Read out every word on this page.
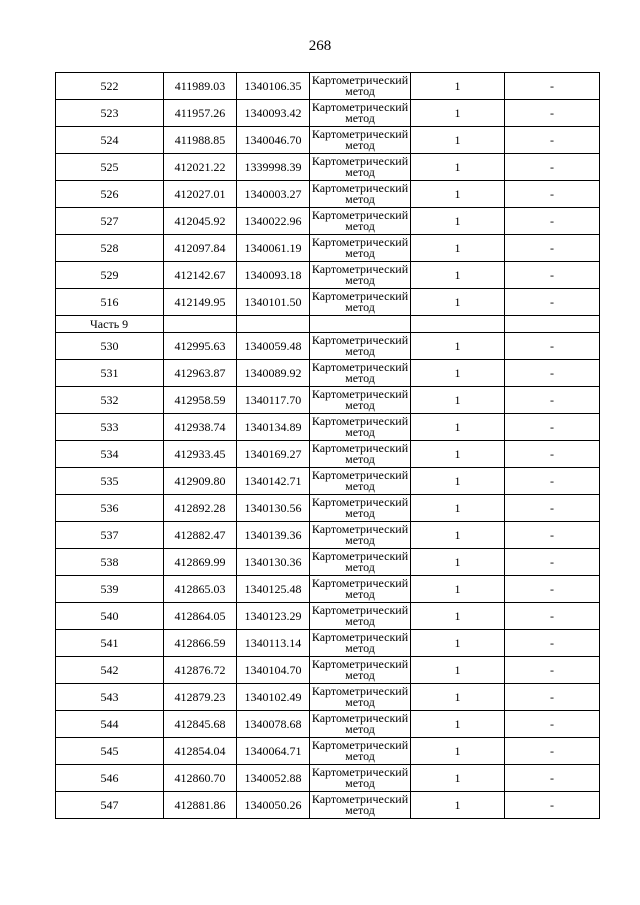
268
522	411989.03	1340106.35	Картометрический метод	1	-
523	411957.26	1340093.42	Картометрический метод	1	-
524	411988.85	1340046.70	Картометрический метод	1	-
525	412021.22	1339998.39	Картометрический метод	1	-
526	412027.01	1340003.27	Картометрический метод	1	-
527	412045.92	1340022.96	Картометрический метод	1	-
528	412097.84	1340061.19	Картометрический метод	1	-
529	412142.67	1340093.18	Картометрический метод	1	-
516	412149.95	1340101.50	Картометрический метод	1	-
Часть 9					
530	412995.63	1340059.48	Картометрический метод	1	-
531	412963.87	1340089.92	Картометрический метод	1	-
532	412958.59	1340117.70	Картометрический метод	1	-
533	412938.74	1340134.89	Картометрический метод	1	-
534	412933.45	1340169.27	Картометрический метод	1	-
535	412909.80	1340142.71	Картометрический метод	1	-
536	412892.28	1340130.56	Картометрический метод	1	-
537	412882.47	1340139.36	Картометрический метод	1	-
538	412869.99	1340130.36	Картометрический метод	1	-
539	412865.03	1340125.48	Картометрический метод	1	-
540	412864.05	1340123.29	Картометрический метод	1	-
541	412866.59	1340113.14	Картометрический метод	1	-
542	412876.72	1340104.70	Картометрический метод	1	-
543	412879.23	1340102.49	Картометрический метод	1	-
544	412845.68	1340078.68	Картометрический метод	1	-
545	412854.04	1340064.71	Картометрический метод	1	-
546	412860.70	1340052.88	Картометрический метод	1	-
547	412881.86	1340050.26	Картометрический метод	1	-
